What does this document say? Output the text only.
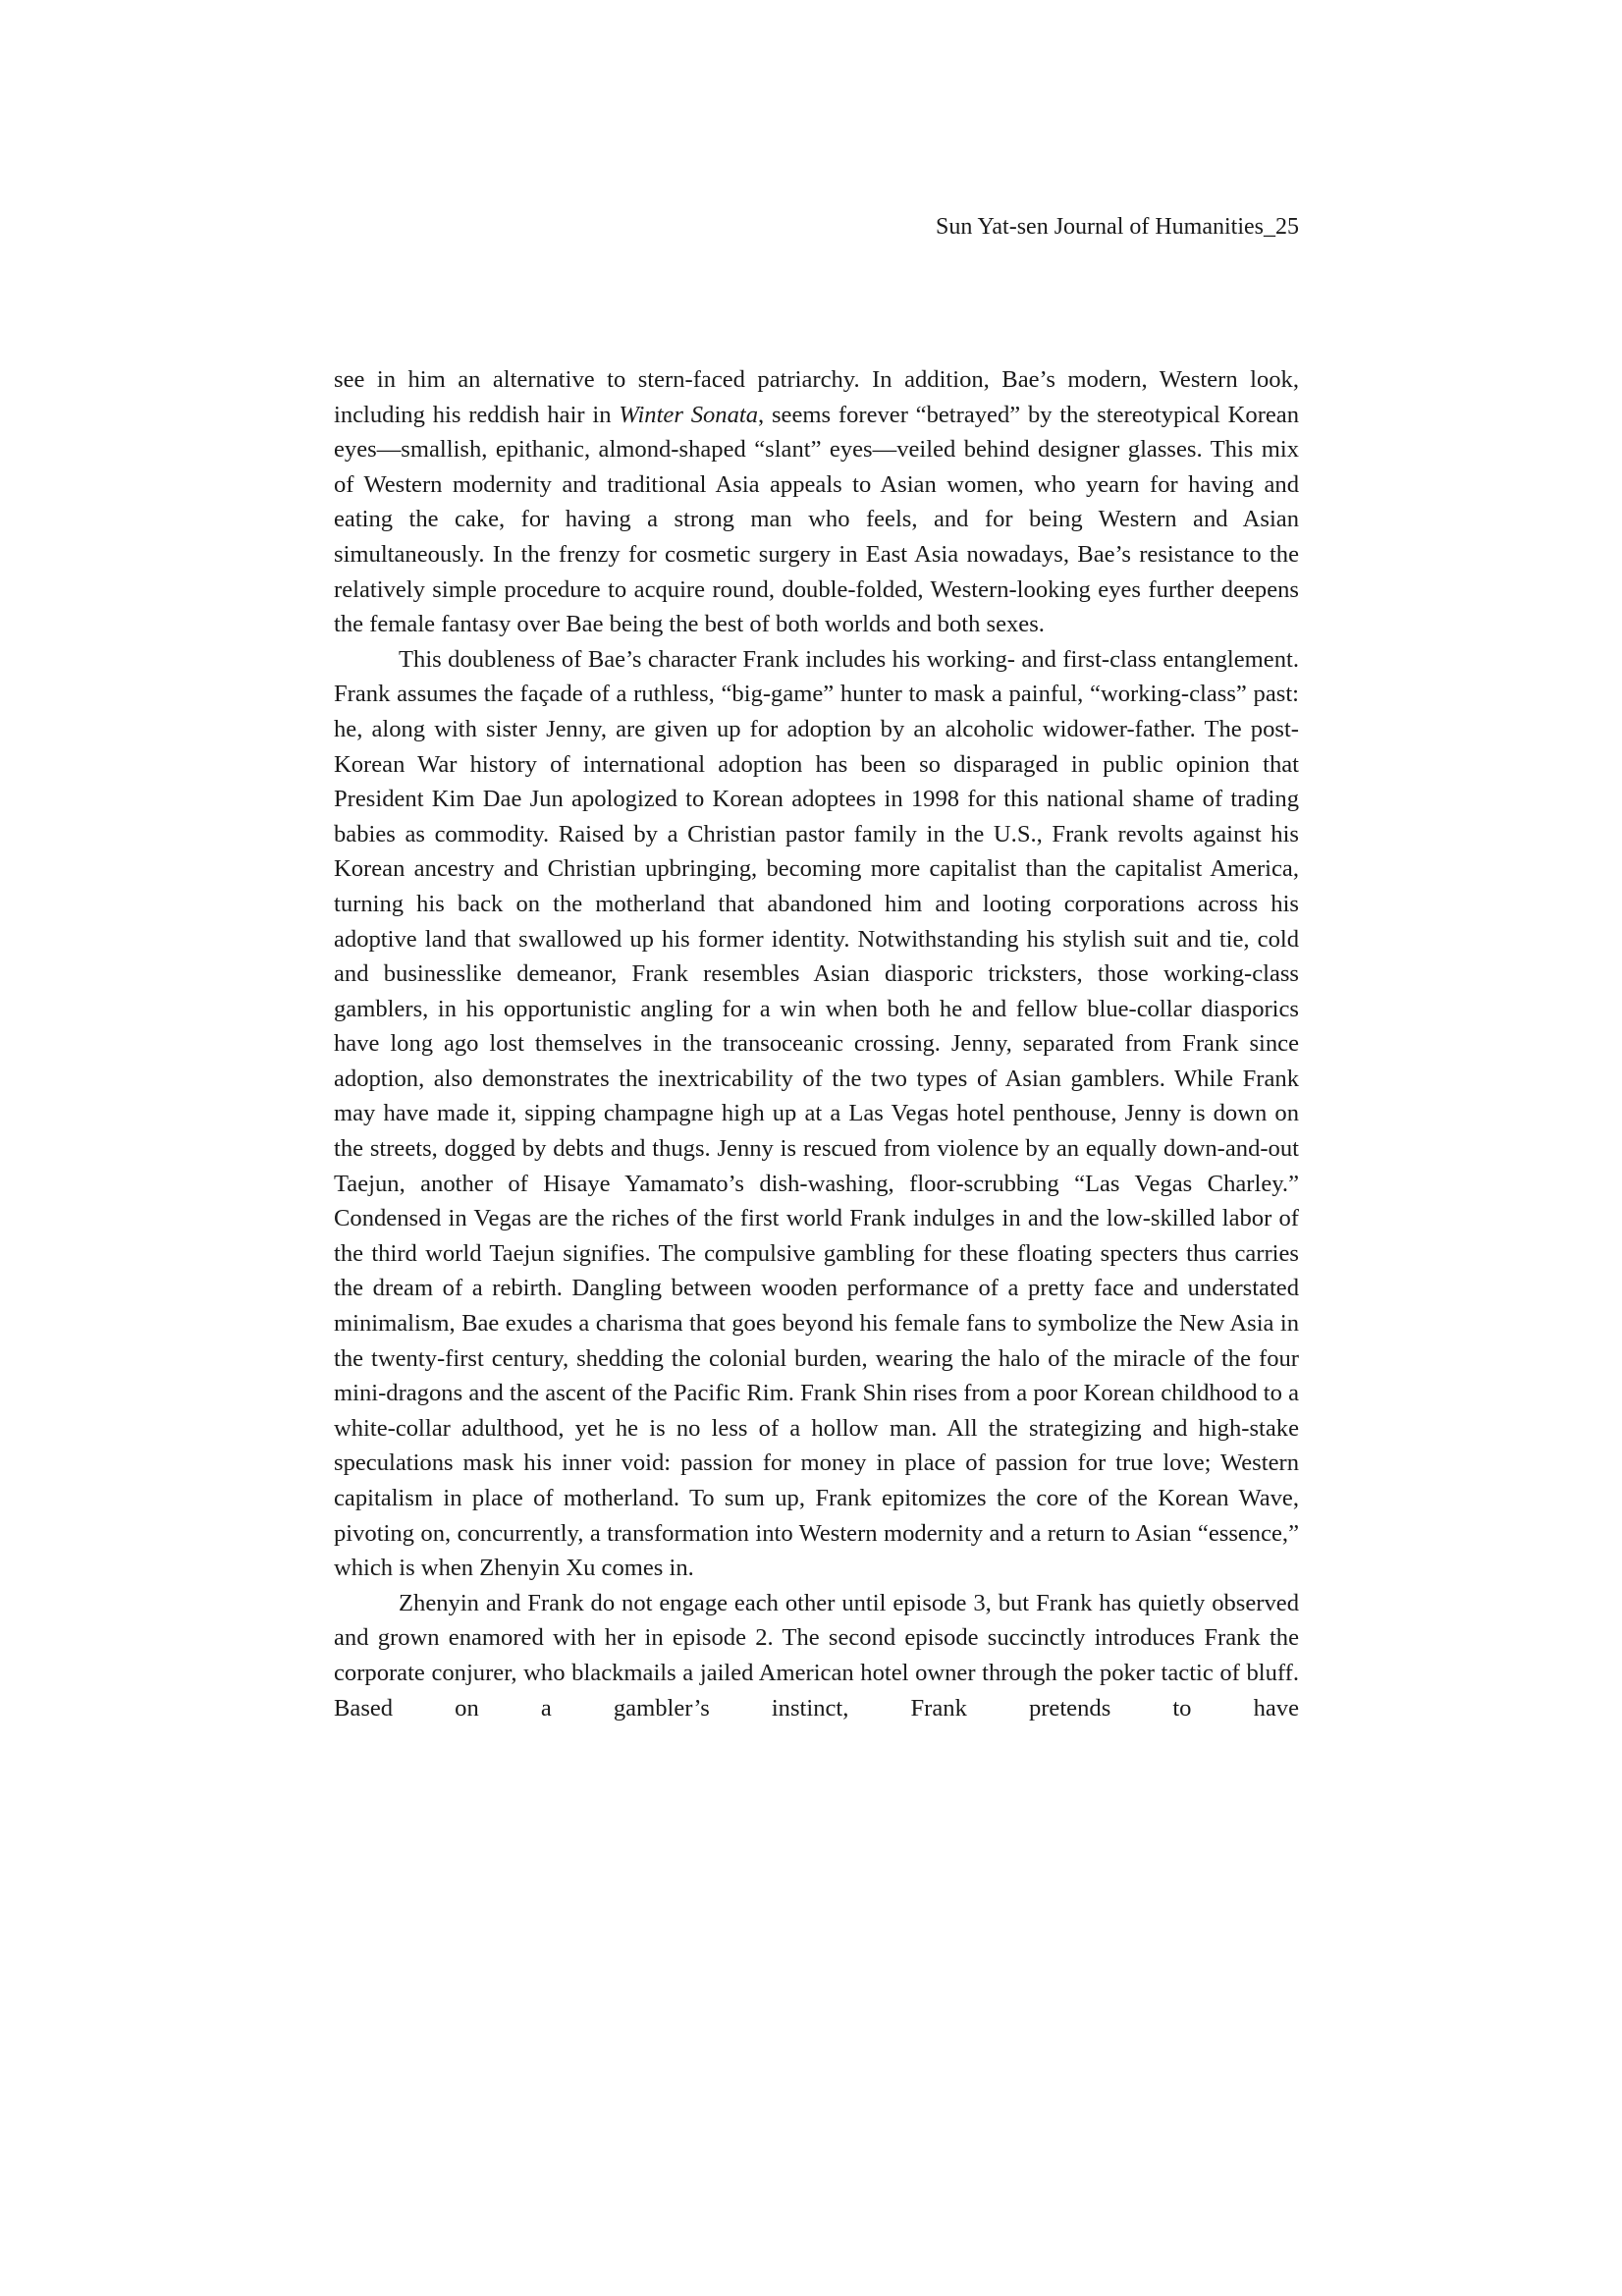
Sun Yat-sen Journal of Humanities_25

see in him an alternative to stern-faced patriarchy. In addition, Bae’s modern, Western look, including his reddish hair in Winter Sonata, seems forever “betrayed” by the stereotypical Korean eyes—smallish, epithanic, almond-shaped “slant” eyes—veiled behind designer glasses. This mix of Western modernity and traditional Asia appeals to Asian women, who yearn for having and eating the cake, for having a strong man who feels, and for being Western and Asian simultaneously. In the frenzy for cosmetic surgery in East Asia nowadays, Bae’s resistance to the relatively simple procedure to acquire round, double-folded, Western-looking eyes further deepens the female fantasy over Bae being the best of both worlds and both sexes.

This doubleness of Bae’s character Frank includes his working- and first-class entanglement. Frank assumes the façade of a ruthless, “big-game” hunter to mask a painful, “working-class” past: he, along with sister Jenny, are given up for adoption by an alcoholic widower-father. The post-Korean War history of international adoption has been so disparaged in public opinion that President Kim Dae Jun apologized to Korean adoptees in 1998 for this national shame of trading babies as commodity. Raised by a Christian pastor family in the U.S., Frank revolts against his Korean ancestry and Christian upbringing, becoming more capitalist than the capitalist America, turning his back on the motherland that abandoned him and looting corporations across his adoptive land that swallowed up his former identity. Notwithstanding his stylish suit and tie, cold and businesslike demeanor, Frank resembles Asian diasporic tricksters, those working-class gamblers, in his opportunistic angling for a win when both he and fellow blue-collar diasporics have long ago lost themselves in the transoceanic crossing. Jenny, separated from Frank since adoption, also demonstrates the inextricability of the two types of Asian gamblers. While Frank may have made it, sipping champagne high up at a Las Vegas hotel penthouse, Jenny is down on the streets, dogged by debts and thugs. Jenny is rescued from violence by an equally down-and-out Taejun, another of Hisaye Yamamato’s dish-washing, floor-scrubbing “Las Vegas Charley.” Condensed in Vegas are the riches of the first world Frank indulges in and the low-skilled labor of the third world Taejun signifies. The compulsive gambling for these floating specters thus carries the dream of a rebirth. Dangling between wooden performance of a pretty face and understated minimalism, Bae exudes a charisma that goes beyond his female fans to symbolize the New Asia in the twenty-first century, shedding the colonial burden, wearing the halo of the miracle of the four mini-dragons and the ascent of the Pacific Rim. Frank Shin rises from a poor Korean childhood to a white-collar adulthood, yet he is no less of a hollow man. All the strategizing and high-stake speculations mask his inner void: passion for money in place of passion for true love; Western capitalism in place of motherland. To sum up, Frank epitomizes the core of the Korean Wave, pivoting on, concurrently, a transformation into Western modernity and a return to Asian “essence,” which is when Zhenyin Xu comes in.

Zhenyin and Frank do not engage each other until episode 3, but Frank has quietly observed and grown enamored with her in episode 2. The second episode succinctly introduces Frank the corporate conjurer, who blackmails a jailed American hotel owner through the poker tactic of bluff. Based on a gambler’s instinct, Frank pretends to have
